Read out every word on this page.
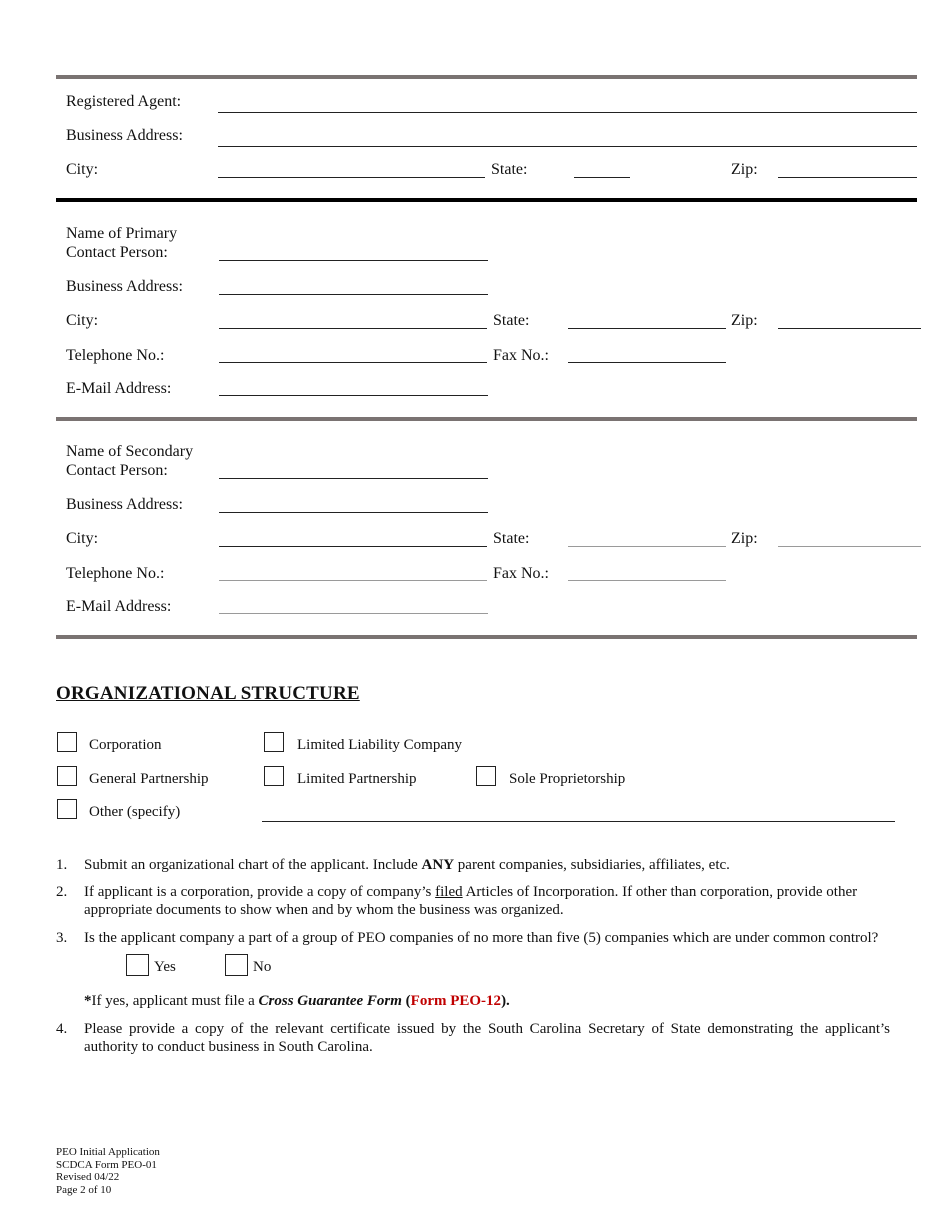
Registered Agent:
Business Address:
City:	State:	Zip:
Name of Primary
Contact Person:
Business Address:
City:	State:	Zip:
Telephone No.:	Fax No.:
E-Mail Address:
Name of Secondary
Contact Person:
Business Address:
City:	State:	Zip:
Telephone No.:	Fax No.:
E-Mail Address:
ORGANIZATIONAL STRUCTURE
Corporation	Limited Liability Company
General Partnership	Limited Partnership	Sole Proprietorship
Other (specify)
1. Submit an organizational chart of the applicant. Include ANY parent companies, subsidiaries, affiliates, etc.
2. If applicant is a corporation, provide a copy of company’s filed Articles of Incorporation. If other than corporation, provide other appropriate documents to show when and by whom the business was organized.
3. Is the applicant company a part of a group of PEO companies of no more than five (5) companies which are under common control?
Yes	No
*If yes, applicant must file a Cross Guarantee Form (Form PEO-12).
4. Please provide a copy of the relevant certificate issued by the South Carolina Secretary of State demonstrating the applicant’s authority to conduct business in South Carolina.
PEO Initial Application
SCDCA Form PEO-01
Revised 04/22
Page 2 of 10
